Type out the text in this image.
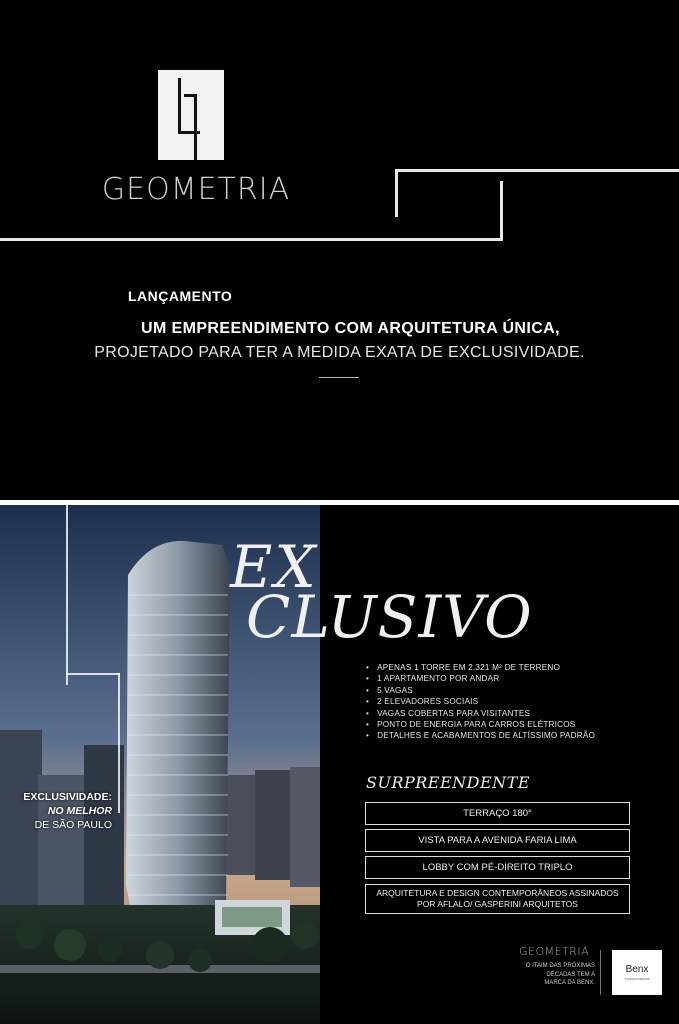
GEOMETRIA
LANÇAMENTO
UM EMPREENDIMENTO COM ARQUITETURA ÚNICA,
PROJETADO PARA TER A MEDIDA EXATA DE EXCLUSIVIDADE.
EXCLUSIVIDADE:
NO MELHOR
DE SÃO PAULO
EX
CLUSIVO
• APENAS 1 TORRE EM 2.321 M² DE TERRENO
• 1 APARTAMENTO POR ANDAR
• 5 VAGAS
• 2 ELEVADORES SOCIAIS
• VAGAS COBERTAS PARA VISITANTES
• PONTO DE ENERGIA PARA CARROS ELÉTRICOS
• DETALHES E ACABAMENTOS DE ALTÍSSIMO PADRÃO
SURPREENDENTE
TERRAÇO 180°
VISTA PARA A AVENIDA FARIA LIMA
LOBBY COM PÉ-DIREITO TRIPLO
ARQUITETURA E DESIGN CONTEMPORÂNEOS ASSINADOS
POR AFLALO/ GASPERINI ARQUITETOS
GEOMETRIA
O ITAIM DAS PRÓXIMAS
DÉCADAS TEM A
MARCA DA BENX.
Benx
incorporadora
